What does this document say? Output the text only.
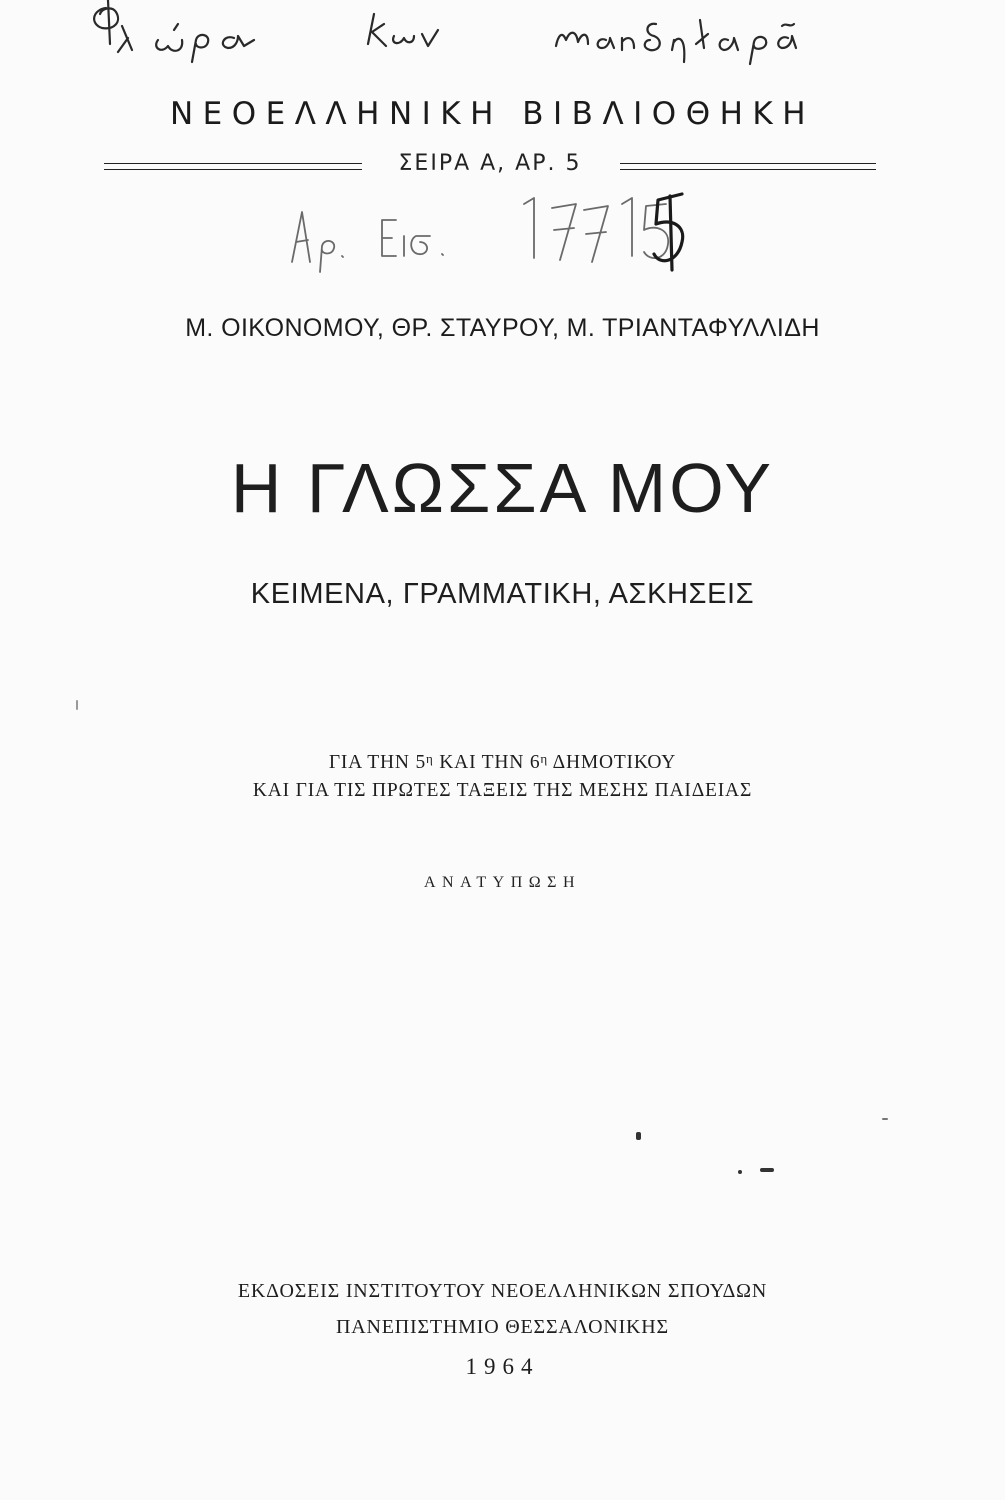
ΝΕΟΕΛΛΗΝΙΚΗ ΒΙΒΛΙΟΘΗΚΗ
ΣΕΙΡΑ Α, ΑΡ. 5
Μ. ΟΙΚΟΝΟΜΟΥ, ΘΡ. ΣΤΑΥΡΟΥ, Μ. ΤΡΙΑΝΤΑΦΥΛΛΙΔΗ
Η ΓΛΩΣΣΑ ΜΟΥ
ΚΕΙΜΕΝΑ, ΓΡΑΜΜΑΤΙΚΗ, ΑΣΚΗΣΕΙΣ
ΓΙΑ ΤΗΝ $5^\eta$ ΚΑΙ ΤΗΝ $6^\eta$ ΔΗΜΟΤΙΚΟΥ
ΚΑΙ ΓΙΑ ΤΙΣ ΠΡΩΤΕΣ ΤΑΞΕΙΣ ΤΗΣ ΜΕΣΗΣ ΠΑΙΔΕΙΑΣ
ΑΝΑΤΥΠΩΣΗ
ΕΚΔΟΣΕΙΣ ΙΝΣΤΙΤΟΥΤΟΥ ΝΕΟΕΛΛΗΝΙΚΩΝ ΣΠΟΥΔΩΝ
ΠΑΝΕΠΙΣΤΗΜΙΟ ΘΕΣΣΑΛΟΝΙΚΗΣ
1964
